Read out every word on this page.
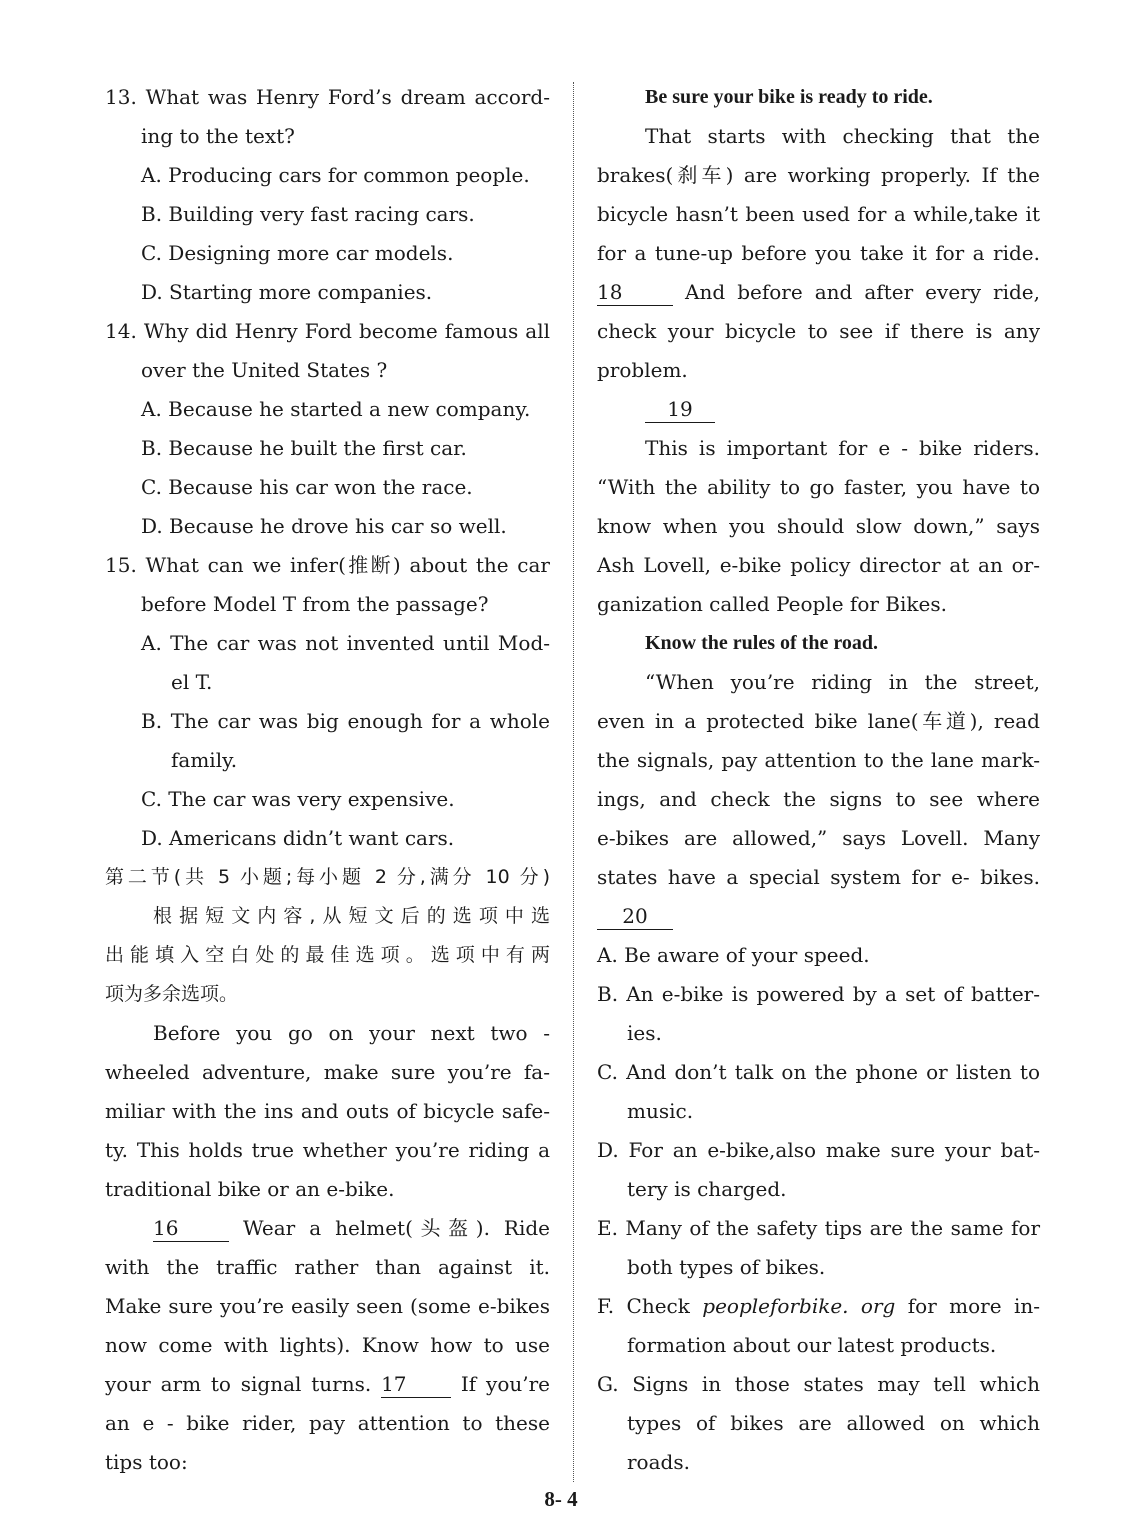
13. What was Henry Ford’s dream accord-
ing to the text?
A. Producing cars for common people.
B. Building very fast racing cars.
C. Designing more car models.
D. Starting more companies.
14. Why did Henry Ford become famous all
over the United States ?
A. Because he started a new company.
B. Because he built the first car.
C. Because his car won the race.
D. Because he drove his car so well.
15. What can we infer(推断) about the car
before Model T from the passage?
A. The car was not invented until Mod-
el T.
B. The car was big enough for a whole
family.
C. The car was very expensive.
D. Americans didn’t want cars.
第二节(共 5 小题;每小题 2 分,满分 10 分)
根据短文内容,从短文后的选项中选
出能填入空白处的最佳选项。选项中有两
项为多余选项。
Before you go on your next two -
wheeled adventure, make sure you’re fa-
miliar with the ins and outs of bicycle safe-
ty. This holds true whether you’re riding a
traditional bike or an e-bike.
16	Wear a helmet(头盔). Ride
with the traffic rather than against it.
Make sure you’re easily seen (some e-bikes
now come with lights). Know how to use
your arm to signal turns. 17	If you’re
an e - bike rider, pay attention to these
tips too:
Be sure your bike is ready to ride.
That starts with checking that the
brakes(刹车) are working properly. If the
bicycle hasn’t been used for a while,take it
for a tune-up before you take it for a ride.
18	And before and after every ride,
check your bicycle to see if there is any
problem.
19
This is important for e - bike riders.
“With the ability to go faster, you have to
know when you should slow down,” says
Ash Lovell, e-bike policy director at an or-
ganization called People for Bikes.
Know the rules of the road.
“When you’re riding in the street,
even in a protected bike lane(车道), read
the signals, pay attention to the lane mark-
ings, and check the signs to see where
e-bikes are allowed,” says Lovell. Many
states have a special system for e- bikes.
20
A. Be aware of your speed.
B. An e-bike is powered by a set of batter-
ies.
C. And don’t talk on the phone or listen to
music.
D. For an e-bike,also make sure your bat-
tery is charged.
E. Many of the safety tips are the same for
both types of bikes.
F. Check peopleforbike. org for more in-
formation about our latest products.
G. Signs in those states may tell which
types of bikes are allowed on which
roads.
8- 4
